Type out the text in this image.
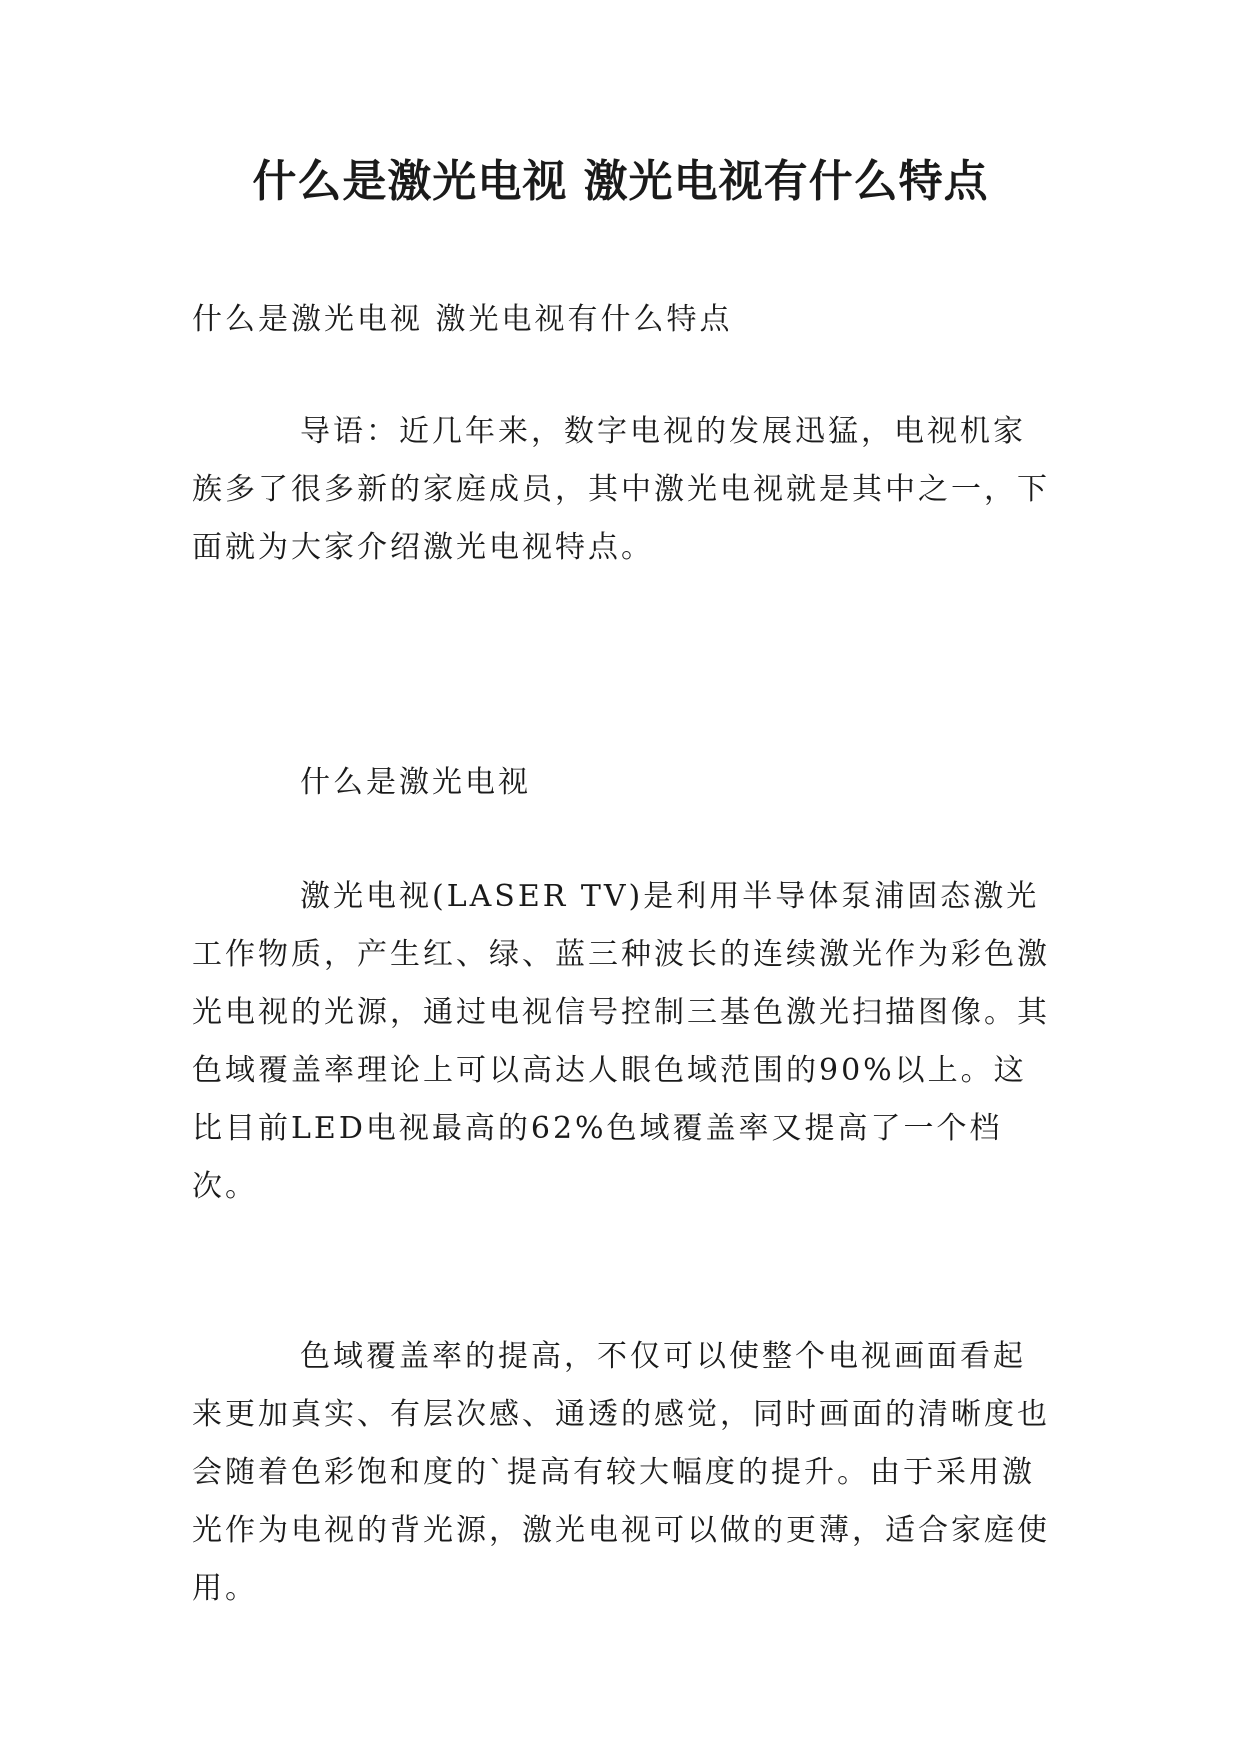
什么是激光电视 激光电视有什么特点

什么是激光电视 激光电视有什么特点

导语：近几年来，数字电视的发展迅猛，电视机家族多了很多新的家庭成员，其中激光电视就是其中之一，下面就为大家介绍激光电视特点。

什么是激光电视

激光电视(LASER TV)是利用半导体泵浦固态激光工作物质，产生红、绿、蓝三种波长的连续激光作为彩色激光电视的光源，通过电视信号控制三基色激光扫描图像。其色域覆盖率理论上可以高达人眼色域范围的90%以上。这比目前LED电视最高的62%色域覆盖率又提高了一个档次。

色域覆盖率的提高，不仅可以使整个电视画面看起来更加真实、有层次感、通透的感觉，同时画面的清晰度也会随着色彩饱和度的`提高有较大幅度的提升。由于采用激光作为电视的背光源，激光电视可以做的更薄，适合家庭使用。
